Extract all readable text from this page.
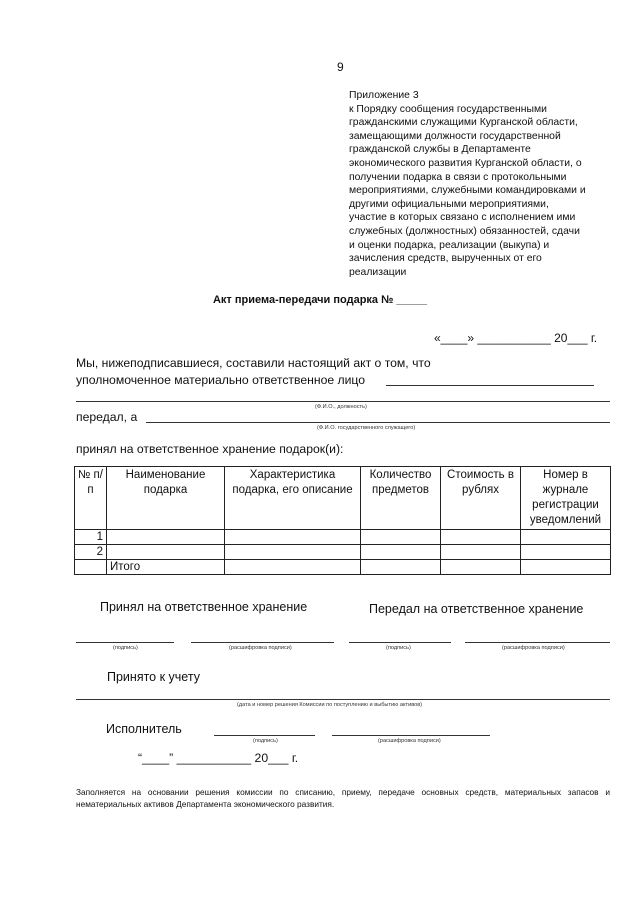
9
Приложение 3
к Порядку сообщения государственными
гражданскими служащими Курганской области,
замещающими должности государственной
гражданской службы в Департаменте
экономического развития Курганской области, о
получении подарка в связи с протокольными
мероприятиями, служебными командировками и
другими официальными мероприятиями,
участие в которых связано с исполнением ими
служебных (должностных) обязанностей, сдачи
и оценки подарка, реализации (выкупа) и
зачисления средств, вырученных от его
реализации
Акт приема-передачи подарка № _____
«____» ___________ 20___ г.
Мы, нижеподписавшиеся, составили настоящий акт о том, что
уполномоченное материально ответственное лицо
(Ф.И.О., должность)
передал, а
(Ф.И.О. государственного служащего)
принял на ответственное хранение подарок(и):
№ п/п	Наименование подарка	Характеристика подарка, его описание	Количество предметов	Стоимость в рублях	Номер в журнале регистрации уведомлений
1					
2					
	Итого				
Принял на ответственное хранение	Передал на ответственное хранение
(подпись)	(расшифровка подписи)	(подпись)	(расшифровка подписи)
Принято к учету
(дата и номер решения Комиссии по поступлению и выбытию активов)
Исполнитель
(подпись)	(расшифровка подписи)
“____” ___________ 20___ г.
Заполняется на основании решения комиссии по списанию, приему, передаче основных средств, материальных запасов и нематериальных активов Департамента экономического развития.
